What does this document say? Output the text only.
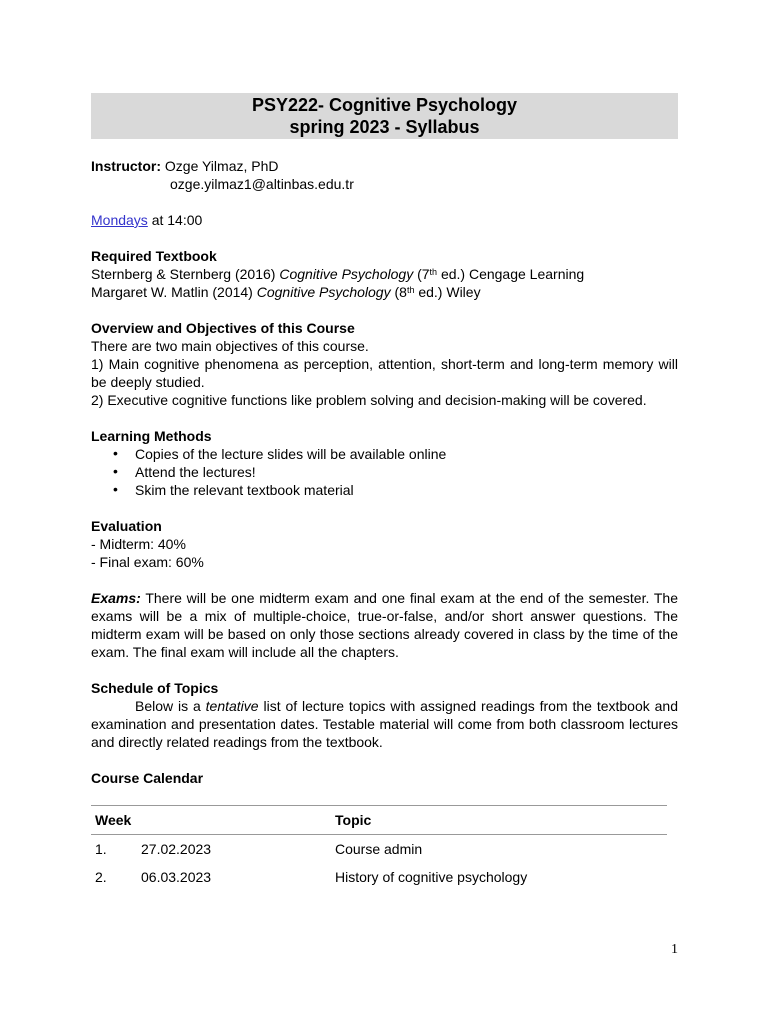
PSY222- Cognitive Psychology
spring 2023 - Syllabus
Instructor: Ozge Yilmaz, PhD
ozge.yilmaz1@altinbas.edu.tr
Mondays at 14:00
Required Textbook
Sternberg & Sternberg (2016) Cognitive Psychology (7th ed.) Cengage Learning
Margaret W. Matlin (2014) Cognitive Psychology (8th ed.) Wiley
Overview and Objectives of this Course
There are two main objectives of this course.
1) Main cognitive phenomena as perception, attention, short-term and long-term memory will be deeply studied.
2) Executive cognitive functions like problem solving and decision-making will be covered.
Learning Methods
• Copies of the lecture slides will be available online
• Attend the lectures!
• Skim the relevant textbook material
Evaluation
- Midterm: 40%
- Final exam: 60%
Exams: There will be one midterm exam and one final exam at the end of the semester. The exams will be a mix of multiple-choice, true-or-false, and/or short answer questions. The midterm exam will be based on only those sections already covered in class by the time of the exam. The final exam will include all the chapters.
Schedule of Topics
Below is a tentative list of lecture topics with assigned readings from the textbook and examination and presentation dates. Testable material will come from both classroom lectures and directly related readings from the textbook.
Course Calendar
Week		Topic
1.	27.02.2023	Course admin
2.	06.03.2023	History of cognitive psychology
1
